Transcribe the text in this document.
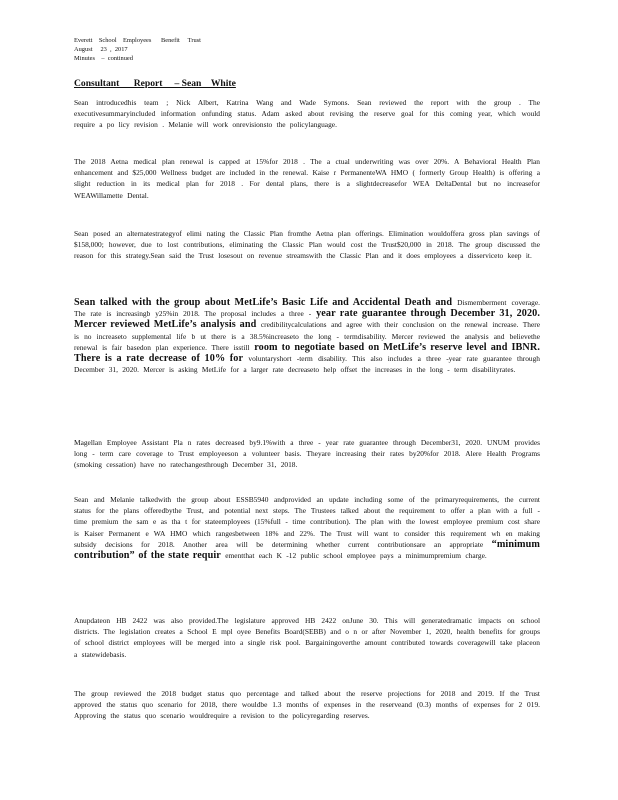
Everett    School    Employees      Benefit     Trust
August     23  ,  2017
Minutes    –  continued
Consultant      Report     – Sean    White

Sean introducedhis team ; Nick Albert, Katrina Wang and Wade Symons. Sean reviewed the report with the group . The executivesummaryincluded information onfunding status. Adam asked about revising the reserve goal for this coming year, which would require a po licy revision . Melanie will work onrevisionsto the policylanguage.

The 2018 Aetna medical plan renewal is capped at 15%for 2018 . The a ctual underwriting was over 20%. A Behavioral Health Plan enhancement and $25,000 Wellness budget are included in the renewal. Kaise r PermanenteWA HMO ( formerly Group Health) is offering a slight reduction in its medical plan for 2018 . For dental plans, there is a slightdecreasefor WEA DeltaDental but no increasefor WEAWillamette Dental.

Sean posed an alternatestrategyof elimi nating the Classic Plan fromthe Aetna plan offerings. Elimination wouldoffera gross plan savings of $158,000; however, due to lost contributions, eliminating the Classic Plan would cost the Trust$20,000 in 2018. The group discussed the reason for this strategy.Sean said the Trust losesout on revenue streamswith the Classic Plan and it does employees a disserviceto keep it.

Sean talked with the group about MetLife’s Basic Life and Accidental Death and Dismemberment coverage. The rate is increasingb y25%in 2018. The proposal includes a three - year rate guarantee through December 31, 2020. Mercer reviewed MetLife’s analysis and credibilitycalculations and agree with their conclusion on the renewal increase. There is no increaseto supplemental life b ut there is a 38.5%increaseto the long - termdisability. Mercer reviewed the analysis and believethe renewal is fair basedon plan experience. There isstill room to negotiate based on MetLife’s reserve level and IBNR. There is a rate decrease of 10% for voluntaryshort -term disability. This also includes a three -year rate guarantee through December 31, 2020. Mercer is asking MetLife for a larger rate decreaseto help offset the increases in the long - term disabilityrates.

Magellan Employee Assistant Pla n rates decreased by9.1%with a three - year rate guarantee through December31, 2020. UNUM provides long - term care coverage to Trust employeeson a volunteer basis. Theyare increasing their rates by20%for 2018. Alere Health Programs (smoking cessation) have no ratechangesthrough December 31, 2018.

Sean and Melanie talkedwith the group about ESSB5940 andprovided an update including some of the primaryrequirements, the current status for the plans offeredbythe Trust, and potential next steps. The Trustees talked about the requirement to offer a plan with a full - time premium the sam e as tha t for stateemployees (15%full - time contribution). The plan with the lowest employee premium cost share is Kaiser Permanent e WA HMO which rangesbetween 18% and 22%. The Trust will want to consider this requirement wh en making subsidy decisions for 2018. Another area will be determining whether current contributionsare an appropriate “minimum contribution” of the state requir ementthat each K -12 public school employee pays a minimumpremium charge.

Anupdateon HB 2422 was also provided.The legislature approved HB 2422 onJune 30. This will generatedramatic impacts on school districts. The legislation creates a School E mpl oyee Benefits Board(SEBB) and o n or after November 1, 2020, health benefits for groups of school district employees will be merged into a single risk pool. Bargainingoverthe amount contributed towards coveragewill take placeon a statewidebasis.

The group reviewed the 2018 budget status quo percentage and talked about the reserve projections for 2018 and 2019. If the Trust approved the status quo scenario for 2018, there wouldbe 1.3 months of expenses in the reserveand (0.3) months of expenses for 2 019. Approving the status quo scenario wouldrequire a revision to the policyregarding reserves.
